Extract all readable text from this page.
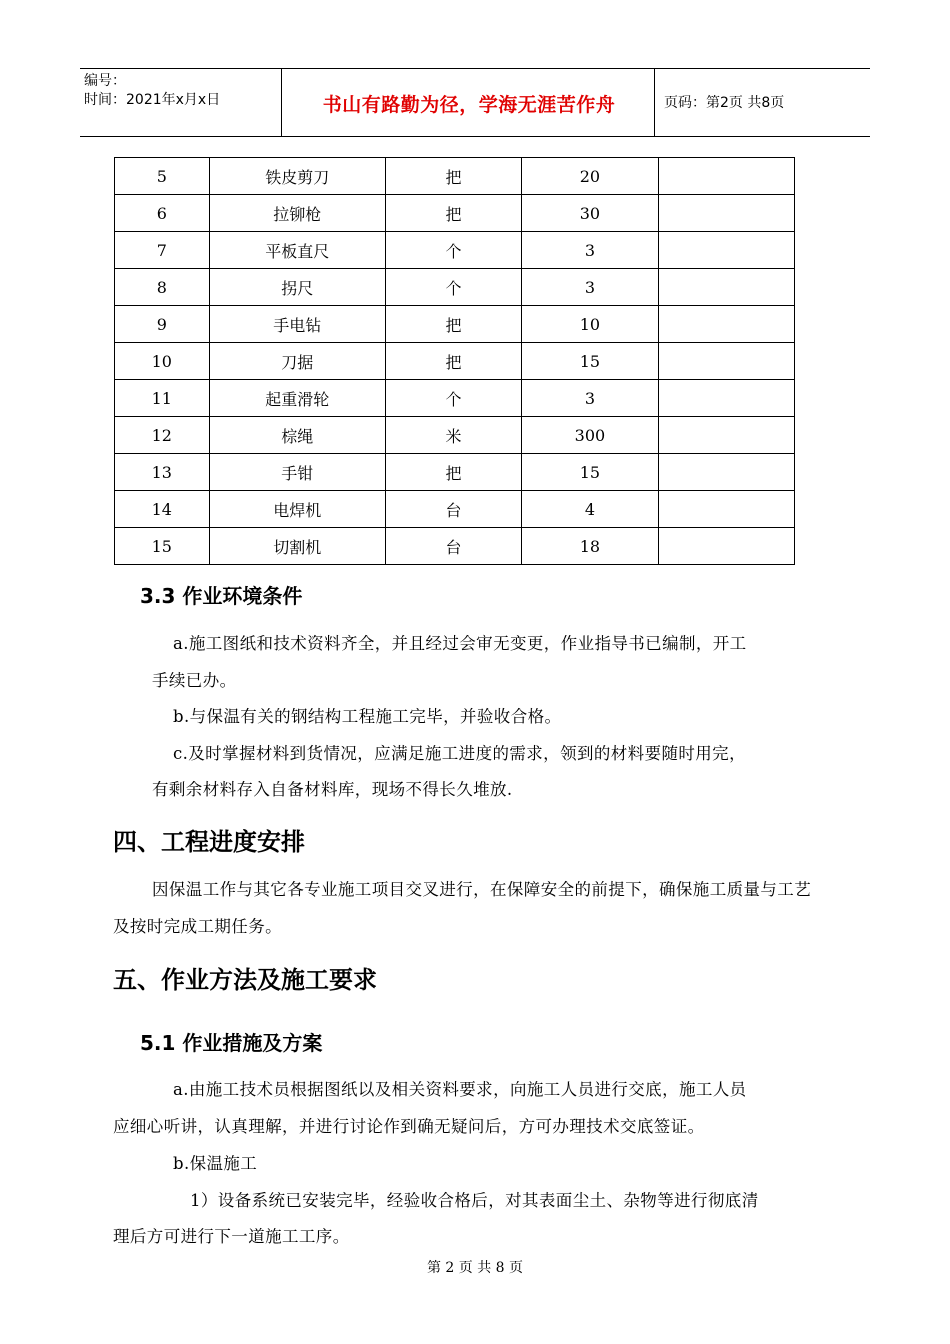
编号：
时间：2021年x月x日	书山有路勤为径，学海无涯苦作舟	页码：第2页 共8页
5	铁皮剪刀	把	20	
6	拉铆枪	把	30	
7	平板直尺	个	3	
8	拐尺	个	3	
9	手电钻	把	10	
10	刀据	把	15	
11	起重滑轮	个	3	
12	棕绳	米	300	
13	手钳	把	15	
14	电焊机	台	4	
15	切割机	台	18	
3.3 作业环境条件
a.施工图纸和技术资料齐全，并且经过会审无变更，作业指导书已编制，开工
手续已办。
b.与保温有关的钢结构工程施工完毕，并验收合格。
c.及时掌握材料到货情况，应满足施工进度的需求，领到的材料要随时用完，
有剩余材料存入自备材料库，现场不得长久堆放.
四、工程进度安排
因保温工作与其它各专业施工项目交叉进行，在保障安全的前提下，确保施工质量与工艺
及按时完成工期任务。
五、作业方法及施工要求
5.1 作业措施及方案
a.由施工技术员根据图纸以及相关资料要求，向施工人员进行交底，施工人员
应细心听讲，认真理解，并进行讨论作到确无疑问后，方可办理技术交底签证。
b.保温施工
1）设备系统已安装完毕，经验收合格后，对其表面尘土、杂物等进行彻底清
理后方可进行下一道施工工序。
第 2 页 共 8 页
